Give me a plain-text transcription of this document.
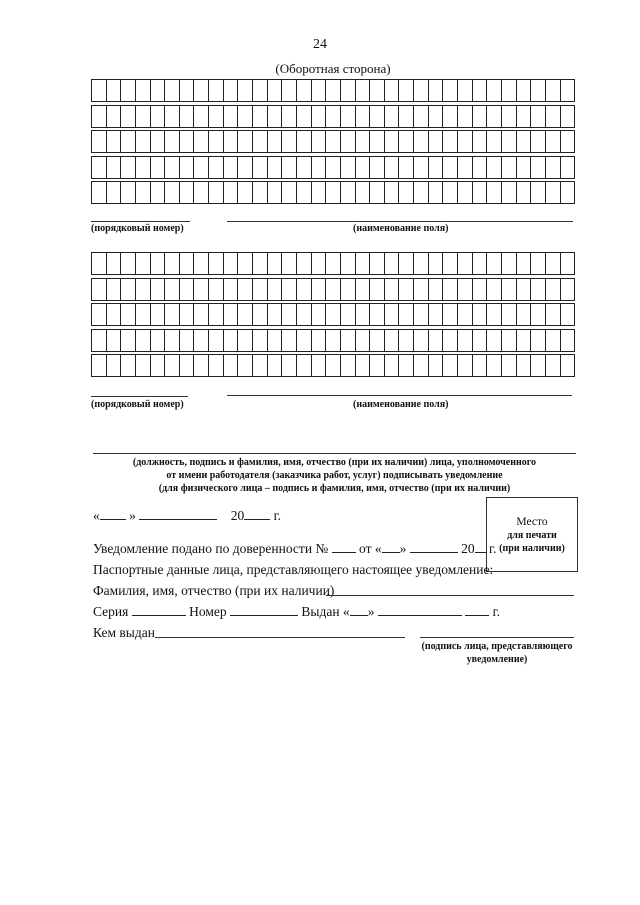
24
(Оборотная сторона)
(порядковый номер)	(наименование поля)
(порядковый номер)	(наименование поля)
(должность, подпись и фамилия, имя, отчество (при их наличии) лица, уполномоченного
от имени работодателя (заказчика работ, услуг) подписывать уведомление
(для физического лица – подпись и фамилия, имя, отчество (при их наличии)
« »	20 г.	Место
для печати
(при наличии)
Уведомление подано по доверенности № от « »	20 г.
Паспортные данные лица, представляющего настоящее уведомление:
Фамилия, имя, отчество (при их наличии)
Серия	Номер	Выдан « »	г.
Кем выдан
(подпись лица, представляющего
уведомление)
